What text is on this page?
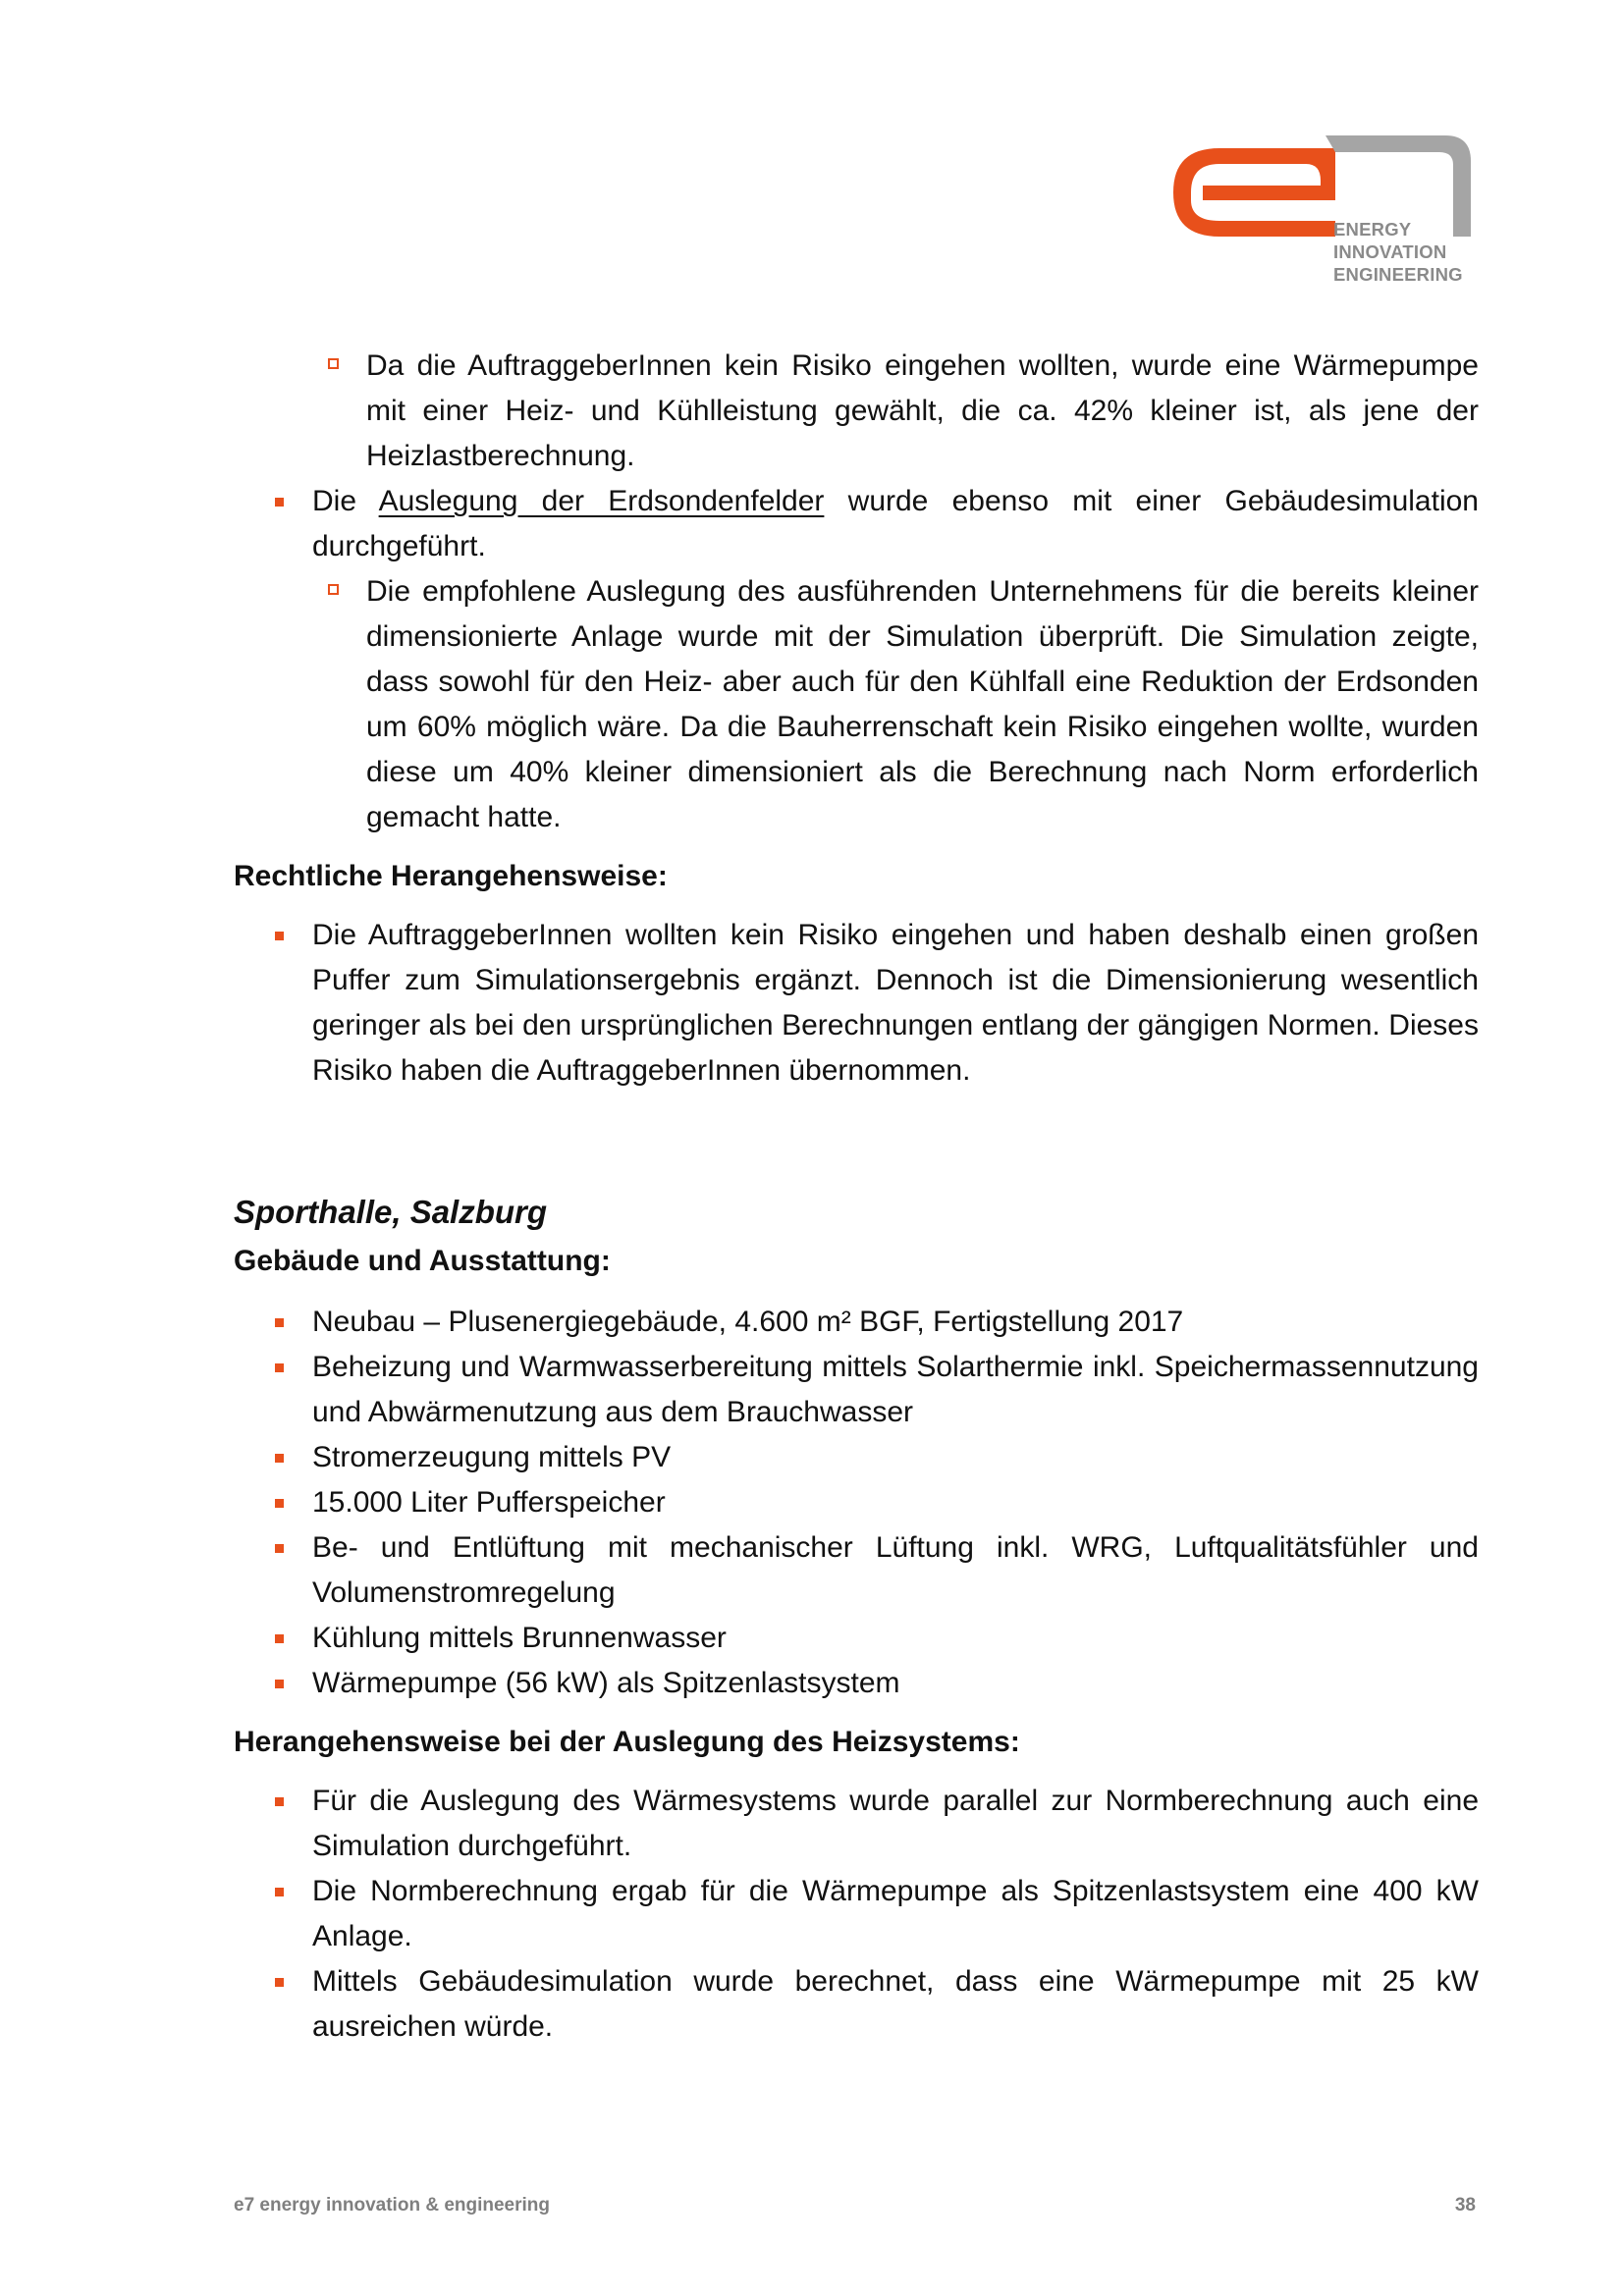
ENERGY
INNOVATION
ENGINEERING

Da die AuftraggeberInnen kein Risiko eingehen wollten, wurde eine Wärmepumpe mit einer Heiz- und Kühlleistung gewählt, die ca. 42% kleiner ist, als jene der Heizlastberechnung.

Die Auslegung der Erdsondenfelder wurde ebenso mit einer Gebäudesimulation durchgeführt.

Die empfohlene Auslegung des ausführenden Unternehmens für die bereits kleiner dimensionierte Anlage wurde mit der Simulation überprüft. Die Simulation zeigte, dass sowohl für den Heiz- aber auch für den Kühlfall eine Reduktion der Erdsonden um 60% möglich wäre. Da die Bauherrenschaft kein Risiko eingehen wollte, wurden diese um 40% kleiner dimensioniert als die Berechnung nach Norm erforderlich gemacht hatte.

Rechtliche Herangehensweise:

Die AuftraggeberInnen wollten kein Risiko eingehen und haben deshalb einen großen Puffer zum Simulationsergebnis ergänzt. Dennoch ist die Dimensionierung wesentlich geringer als bei den ursprünglichen Berechnungen entlang der gängigen Normen. Dieses Risiko haben die AuftraggeberInnen übernommen.

Sporthalle, Salzburg

Gebäude und Ausstattung:

Neubau – Plusenergiegebäude, 4.600 m² BGF, Fertigstellung 2017

Beheizung und Warmwasserbereitung mittels Solarthermie inkl. Speichermassennutzung und Abwärmenutzung aus dem Brauchwasser

Stromerzeugung mittels PV

15.000 Liter Pufferspeicher

Be- und Entlüftung mit mechanischer Lüftung inkl. WRG, Luftqualitätsfühler und Volumenstromregelung

Kühlung mittels Brunnenwasser

Wärmepumpe (56 kW) als Spitzenlastsystem

Herangehensweise bei der Auslegung des Heizsystems:

Für die Auslegung des Wärmesystems wurde parallel zur Normberechnung auch eine Simulation durchgeführt.

Die Normberechnung ergab für die Wärmepumpe als Spitzenlastsystem eine 400 kW Anlage.

Mittels Gebäudesimulation wurde berechnet, dass eine Wärmepumpe mit 25 kW ausreichen würde.

e7 energy innovation & engineering	38
